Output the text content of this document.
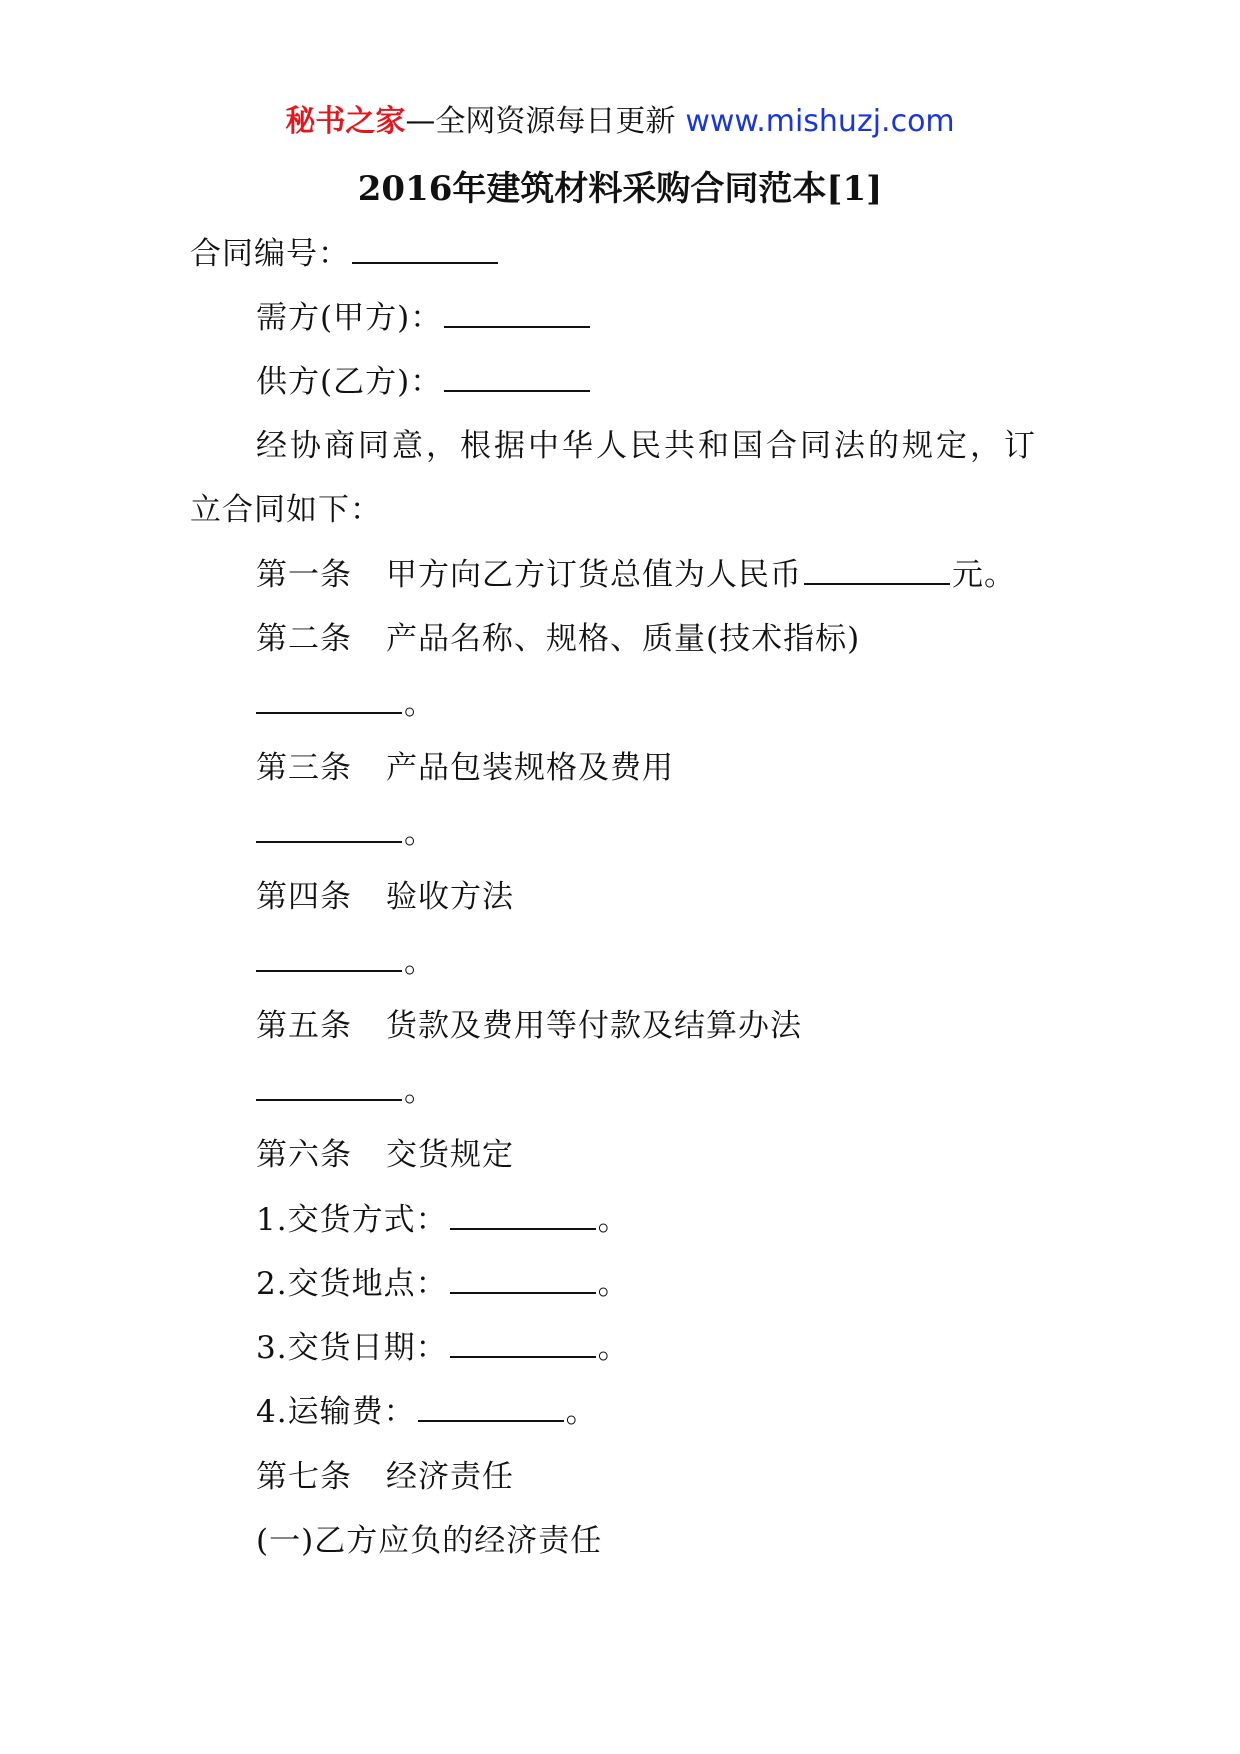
秘书之家—全网资源每日更新 www.mishuzj.com
2016年建筑材料采购合同范本[1]
合同编号：
需方(甲方)：
供方(乙方)：
经协商同意，根据中华人民共和国合同法的规定，订
立合同如下：
第一条 甲方向乙方订货总值为人民币	元。
第二条 产品名称、规格、质量(技术指标)
。
第三条 产品包装规格及费用
。
第四条 验收方法
。
第五条 货款及费用等付款及结算办法
。
第六条 交货规定
1.交货方式：	。
2.交货地点：	。
3.交货日期：	。
4.运输费：	。
第七条 经济责任
(一)乙方应负的经济责任
